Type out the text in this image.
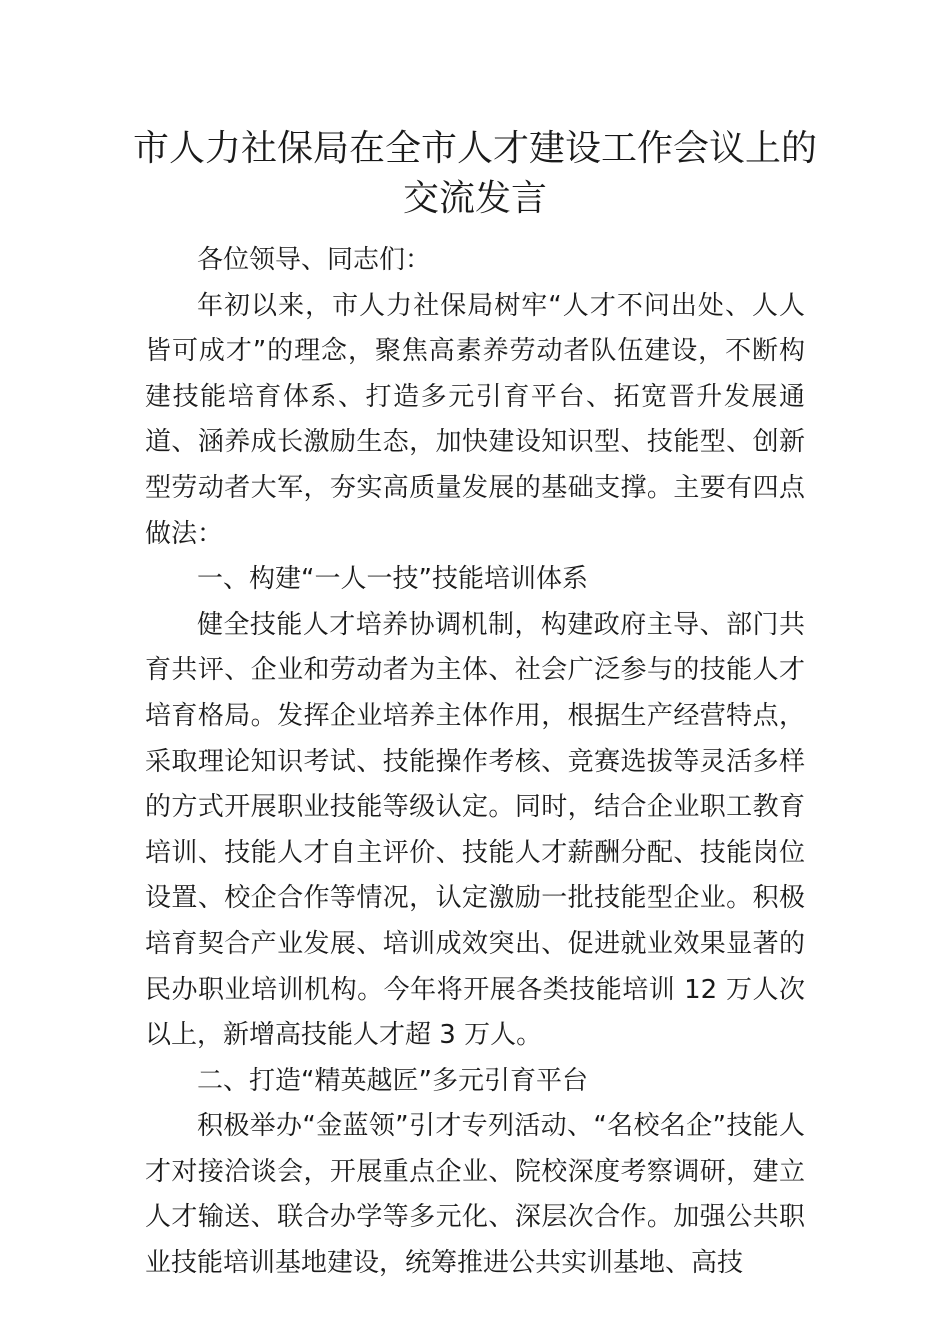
市人力社保局在全市人才建设工作会议上的交流发言

各位领导、同志们：

年初以来，市人力社保局树牢“人才不问出处、人人皆可成才”的理念，聚焦高素养劳动者队伍建设，不断构建技能培育体系、打造多元引育平台、拓宽晋升发展通道、涵养成长激励生态，加快建设知识型、技能型、创新型劳动者大军，夯实高质量发展的基础支撑。主要有四点做法：

一、构建“一人一技”技能培训体系

健全技能人才培养协调机制，构建政府主导、部门共育共评、企业和劳动者为主体、社会广泛参与的技能人才培育格局。发挥企业培养主体作用，根据生产经营特点，采取理论知识考试、技能操作考核、竞赛选拔等灵活多样的方式开展职业技能等级认定。同时，结合企业职工教育培训、技能人才自主评价、技能人才薪酬分配、技能岗位设置、校企合作等情况，认定激励一批技能型企业。积极培育契合产业发展、培训成效突出、促进就业效果显著的民办职业培训机构。今年将开展各类技能培训 12 万人次以上，新增高技能人才超 3 万人。

二、打造“精英越匠”多元引育平台

积极举办“金蓝领”引才专列活动、“名校名企”技能人才对接洽谈会，开展重点企业、院校深度考察调研，建立人才输送、联合办学等多元化、深层次合作。加强公共职业技能培训基地建设，统筹推进公共实训基地、高技
